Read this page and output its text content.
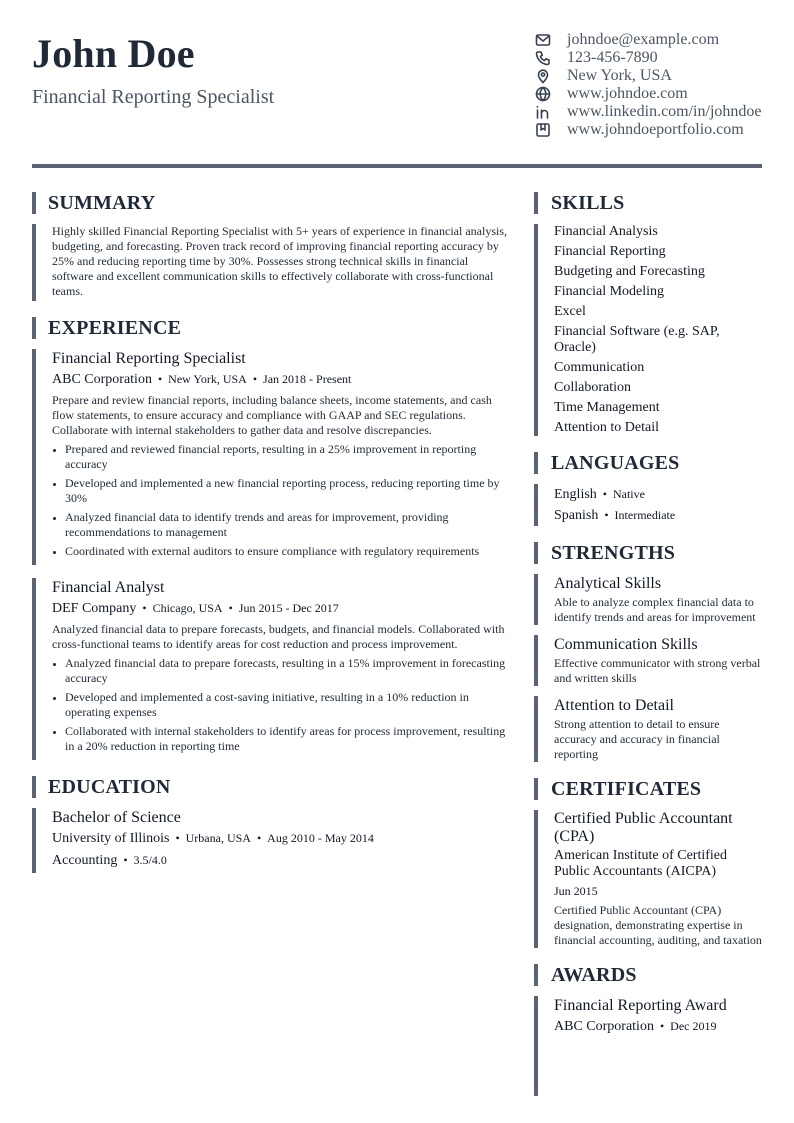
John Doe
Financial Reporting Specialist
johndoe@example.com
123-456-7890
New York, USA
www.johndoe.com
www.linkedin.com/in/johndoe
www.johndoeportfolio.com
SUMMARY
Highly skilled Financial Reporting Specialist with 5+ years of experience in financial analysis, budgeting, and forecasting. Proven track record of improving financial reporting accuracy by 25% and reducing reporting time by 30%. Possesses strong technical skills in financial software and excellent communication skills to effectively collaborate with cross-functional teams.
EXPERIENCE
Financial Reporting Specialist
ABC Corporation • New York, USA • Jan 2018 - Present
Prepare and review financial reports, including balance sheets, income statements, and cash flow statements, to ensure accuracy and compliance with GAAP and SEC regulations. Collaborate with internal stakeholders to gather data and resolve discrepancies.
• Prepared and reviewed financial reports, resulting in a 25% improvement in reporting accuracy
• Developed and implemented a new financial reporting process, reducing reporting time by 30%
• Analyzed financial data to identify trends and areas for improvement, providing recommendations to management
• Coordinated with external auditors to ensure compliance with regulatory requirements
Financial Analyst
DEF Company • Chicago, USA • Jun 2015 - Dec 2017
Analyzed financial data to prepare forecasts, budgets, and financial models. Collaborated with cross-functional teams to identify areas for cost reduction and process improvement.
• Analyzed financial data to prepare forecasts, resulting in a 15% improvement in forecasting accuracy
• Developed and implemented a cost-saving initiative, resulting in a 10% reduction in operating expenses
• Collaborated with internal stakeholders to identify areas for process improvement, resulting in a 20% reduction in reporting time
EDUCATION
Bachelor of Science
University of Illinois • Urbana, USA • Aug 2010 - May 2014
Accounting • 3.5/4.0
SKILLS
Financial Analysis
Financial Reporting
Budgeting and Forecasting
Financial Modeling
Excel
Financial Software (e.g. SAP, Oracle)
Communication
Collaboration
Time Management
Attention to Detail
LANGUAGES
English • Native
Spanish • Intermediate
STRENGTHS
Analytical Skills
Able to analyze complex financial data to identify trends and areas for improvement
Communication Skills
Effective communicator with strong verbal and written skills
Attention to Detail
Strong attention to detail to ensure accuracy and accuracy in financial reporting
CERTIFICATES
Certified Public Accountant (CPA)
American Institute of Certified Public Accountants (AICPA)
Jun 2015
Certified Public Accountant (CPA) designation, demonstrating expertise in financial accounting, auditing, and taxation
AWARDS
Financial Reporting Award
ABC Corporation • Dec 2019
